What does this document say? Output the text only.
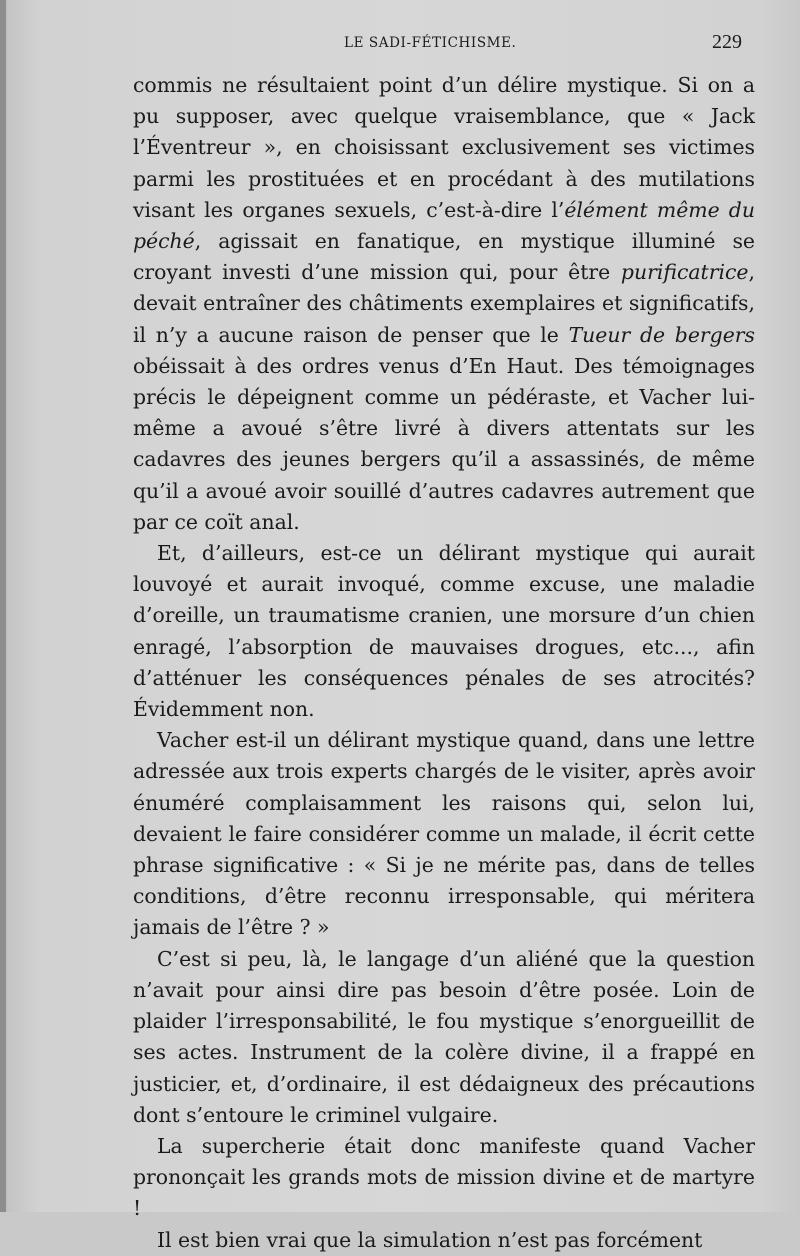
LE SADI-FÉTICHISME.	229

commis ne résultaient point d’un délire mystique. Si on a pu supposer, avec quelque vraisemblance, que « Jack l’Éventreur », en choisissant exclusivement ses victimes parmi les prostituées et en procédant à des mutilations visant les organes sexuels, c’est-à-dire l’élément même du péché, agissait en fanatique, en mystique illuminé se croyant investi d’une mission qui, pour être purificatrice, devait entraîner des châtiments exemplaires et significatifs, il n’y a aucune raison de penser que le Tueur de bergers obéissait à des ordres venus d’En Haut. Des témoignages précis le dépeignent comme un pédéraste, et Vacher lui-même a avoué s’être livré à divers attentats sur les cadavres des jeunes bergers qu’il a assassinés, de même qu’il a avoué avoir souillé d’autres cadavres autrement que par ce coït anal.

Et, d’ailleurs, est-ce un délirant mystique qui aurait louvoyé et aurait invoqué, comme excuse, une maladie d’oreille, un traumatisme cranien, une morsure d’un chien enragé, l’absorption de mauvaises drogues, etc..., afin d’atténuer les conséquences pénales de ses atrocités? Évidemment non.

Vacher est-il un délirant mystique quand, dans une lettre adressée aux trois experts chargés de le visiter, après avoir énuméré complaisamment les raisons qui, selon lui, devaient le faire considérer comme un malade, il écrit cette phrase significative : « Si je ne mérite pas, dans de telles conditions, d’être reconnu irresponsable, qui méritera jamais de l’être ? »

C’est si peu, là, le langage d’un aliéné que la question n’avait pour ainsi dire pas besoin d’être posée. Loin de plaider l’irresponsabilité, le fou mystique s’enorgueillit de ses actes. Instrument de la colère divine, il a frappé en justicier, et, d’ordinaire, il est dédaigneux des précautions dont s’entoure le criminel vulgaire.

La supercherie était donc manifeste quand Vacher prononçait les grands mots de mission divine et de martyre !

Il est bien vrai que la simulation n’est pas forcément
